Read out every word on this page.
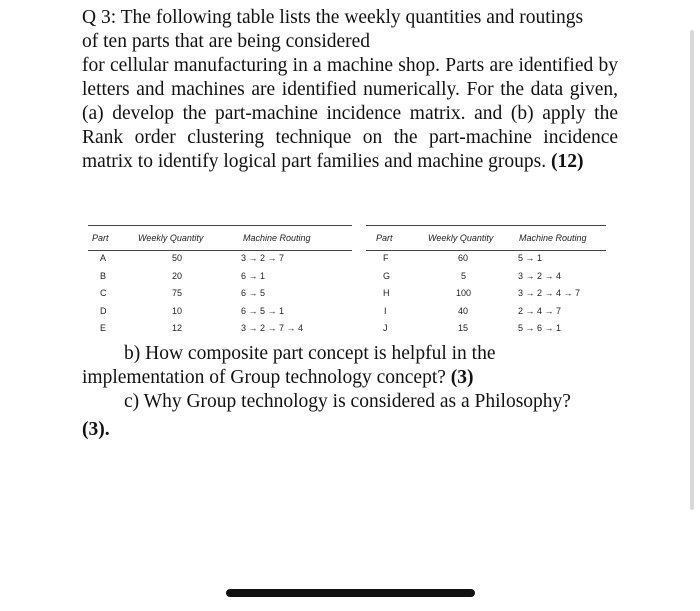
Q 3: The following table lists the weekly quantities and routings

of ten parts that are being considered

for cellular manufacturing in a machine shop. Parts are identified by letters and machines are identified numerically. For the data given, (a) develop the part-machine incidence matrix. and (b) apply the Rank order clustering technique on the part-machine incidence matrix to identify logical part families and machine groups. (12)

Part	Weekly Quantity	Machine Routing
A	50	3 → 2 → 7
B	20	6 → 1
C	75	6 → 5
D	10	6 → 5 → 1
E	12	3 → 2 → 7 → 4
Part	Weekly Quantity	Machine Routing
F	60	5 → 1
G	5	3 → 2 → 4
H	100	3 → 2 → 4 → 7
I	40	2 → 4 → 7
J	15	5 → 6 → 1
b) How composite part concept is helpful in the
implementation of Group technology concept? (3)
c) Why Group technology is considered as a Philosophy?
(3).
